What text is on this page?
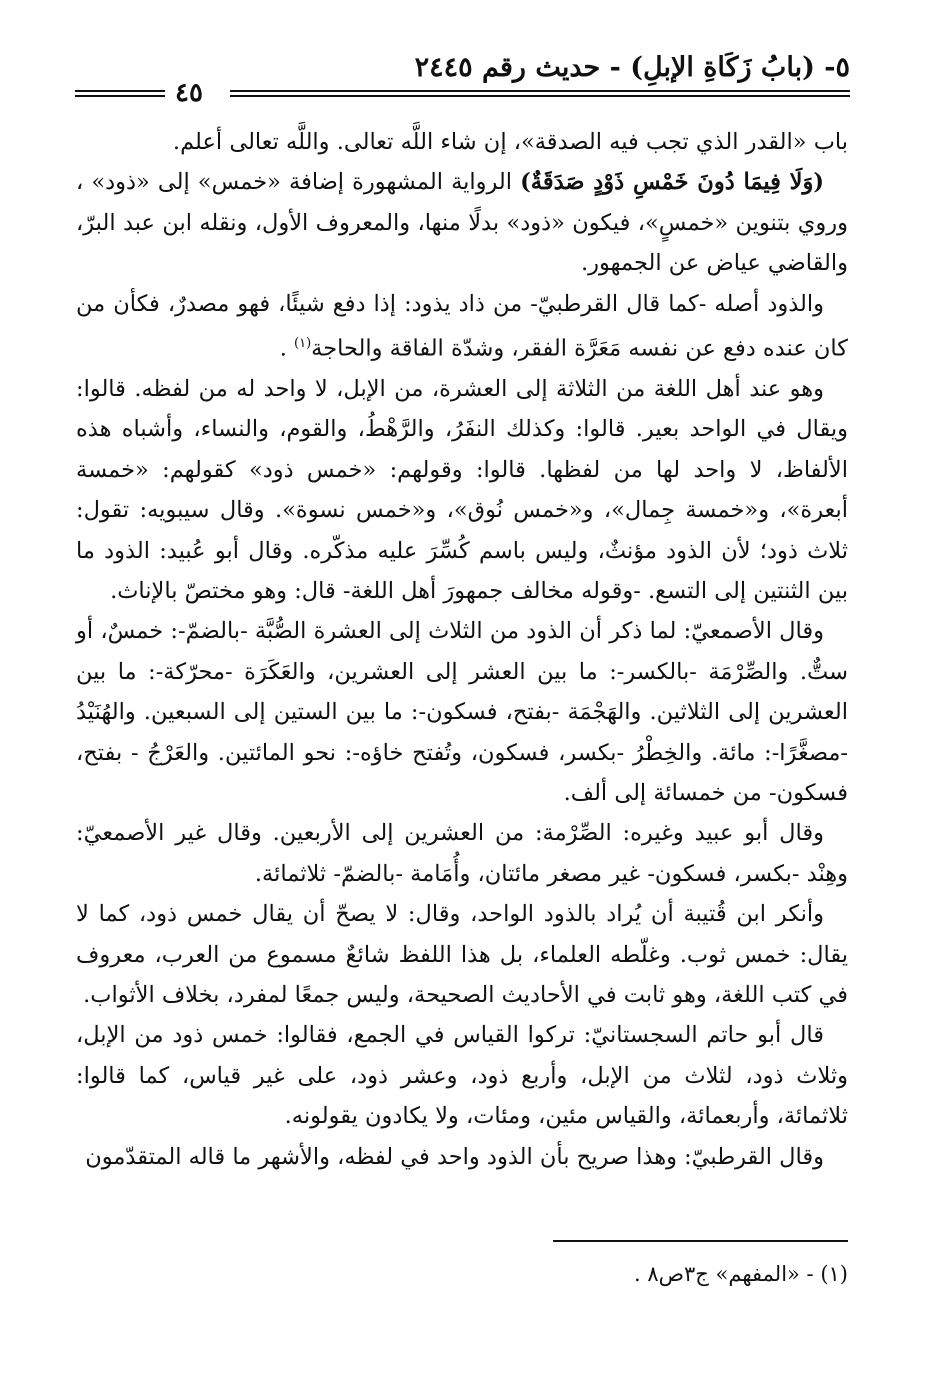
٥- (بابُ زَكَاةِ الإبلِ) - حديث رقم ٢٤٤٥
٤٥

باب «القدر الذي تجب فيه الصدقة»، إن شاء اللَّه تعالى. واللَّه تعالى أعلم.

(وَلَا فِيمَا دُونَ خَمْسِ ذَوْدٍ صَدَقَةٌ) الرواية المشهورة إضافة «خمس» إلى «ذود» ، وروي بتنوين «خمسٍ»، فيكون «ذود» بدلًا منها، والمعروف الأول، ونقله ابن عبد البرّ، والقاضي عياض عن الجمهور.

والذود أصله -كما قال القرطبيّ- من ذاد يذود: إذا دفع شيئًا، فهو مصدرٌ، فكأن من كان عنده دفع عن نفسه مَعَرَّة الفقر، وشدّة الفاقة والحاجة$^{(١)}$ .

وهو عند أهل اللغة من الثلاثة إلى العشرة، من الإبل، لا واحد له من لفظه. قالوا: ويقال في الواحد بعير. قالوا: وكذلك النفَرُ، والرَّهْطُ، والقوم، والنساء، وأشباه هذه الألفاظ، لا واحد لها من لفظها. قالوا: وقولهم: «خمس ذود» كقولهم: «خمسة أبعرة»، و«خمسة جِمال»، و«خمس نُوق»، و«خمس نسوة». وقال سيبويه: تقول: ثلاث ذود؛ لأن الذود مؤنثٌ، وليس باسم كُسِّرَ عليه مذكّره. وقال أبو عُبيد: الذود ما بين الثنتين إلى التسع. -وقوله مخالف جمهورَ أهل اللغة- قال: وهو مختصّ بالإناث.

وقال الأصمعيّ: لما ذكر أن الذود من الثلاث إلى العشرة الصُّبَّة -بالضمّ-: خمسٌ، أو ستٌّ. والصِّرْمَة -بالكسر-: ما بين العشر إلى العشرين، والعَكَرَة -محرّكة-: ما بين العشرين إلى الثلاثين. والهَجْمَة -بفتح، فسكون-: ما بين الستين إلى السبعين. والهُنَيْدُ -مصغَّرًا-: مائة. والخِطْرُ -بكسر، فسكون، وتُفتح خاؤه-: نحو المائتين. والعَرْجُ - بفتح، فسكون- من خمسائة إلى ألف.

وقال أبو عبيد وغيره: الصِّرْمة: من العشرين إلى الأربعين. وقال غير الأصمعيّ: وهِنْد -بكسر، فسكون- غير مصغر مائتان، وأُمَامة -بالضمّ- ثلاثمائة.

وأنكر ابن قُتيبة أن يُراد بالذود الواحد، وقال: لا يصحّ أن يقال خمس ذود، كما لا يقال: خمس ثوب. وغلّطه العلماء، بل هذا اللفظ شائعٌ مسموع من العرب، معروف في كتب اللغة، وهو ثابت في الأحاديث الصحيحة، وليس جمعًا لمفرد، بخلاف الأثواب.

قال أبو حاتم السجستانيّ: تركوا القياس في الجمع، فقالوا: خمس ذود من الإبل، وثلاث ذود، لثلاث من الإبل، وأربع ذود، وعشر ذود، على غير قياس، كما قالوا: ثلاثمائة، وأربعمائة، والقياس مئين، ومئات، ولا يكادون يقولونه.

وقال القرطبيّ: وهذا صريح بأن الذود واحد في لفظه، والأشهر ما قاله المتقدّمون

(١) - «المفهم» ج٣ص٨ .
